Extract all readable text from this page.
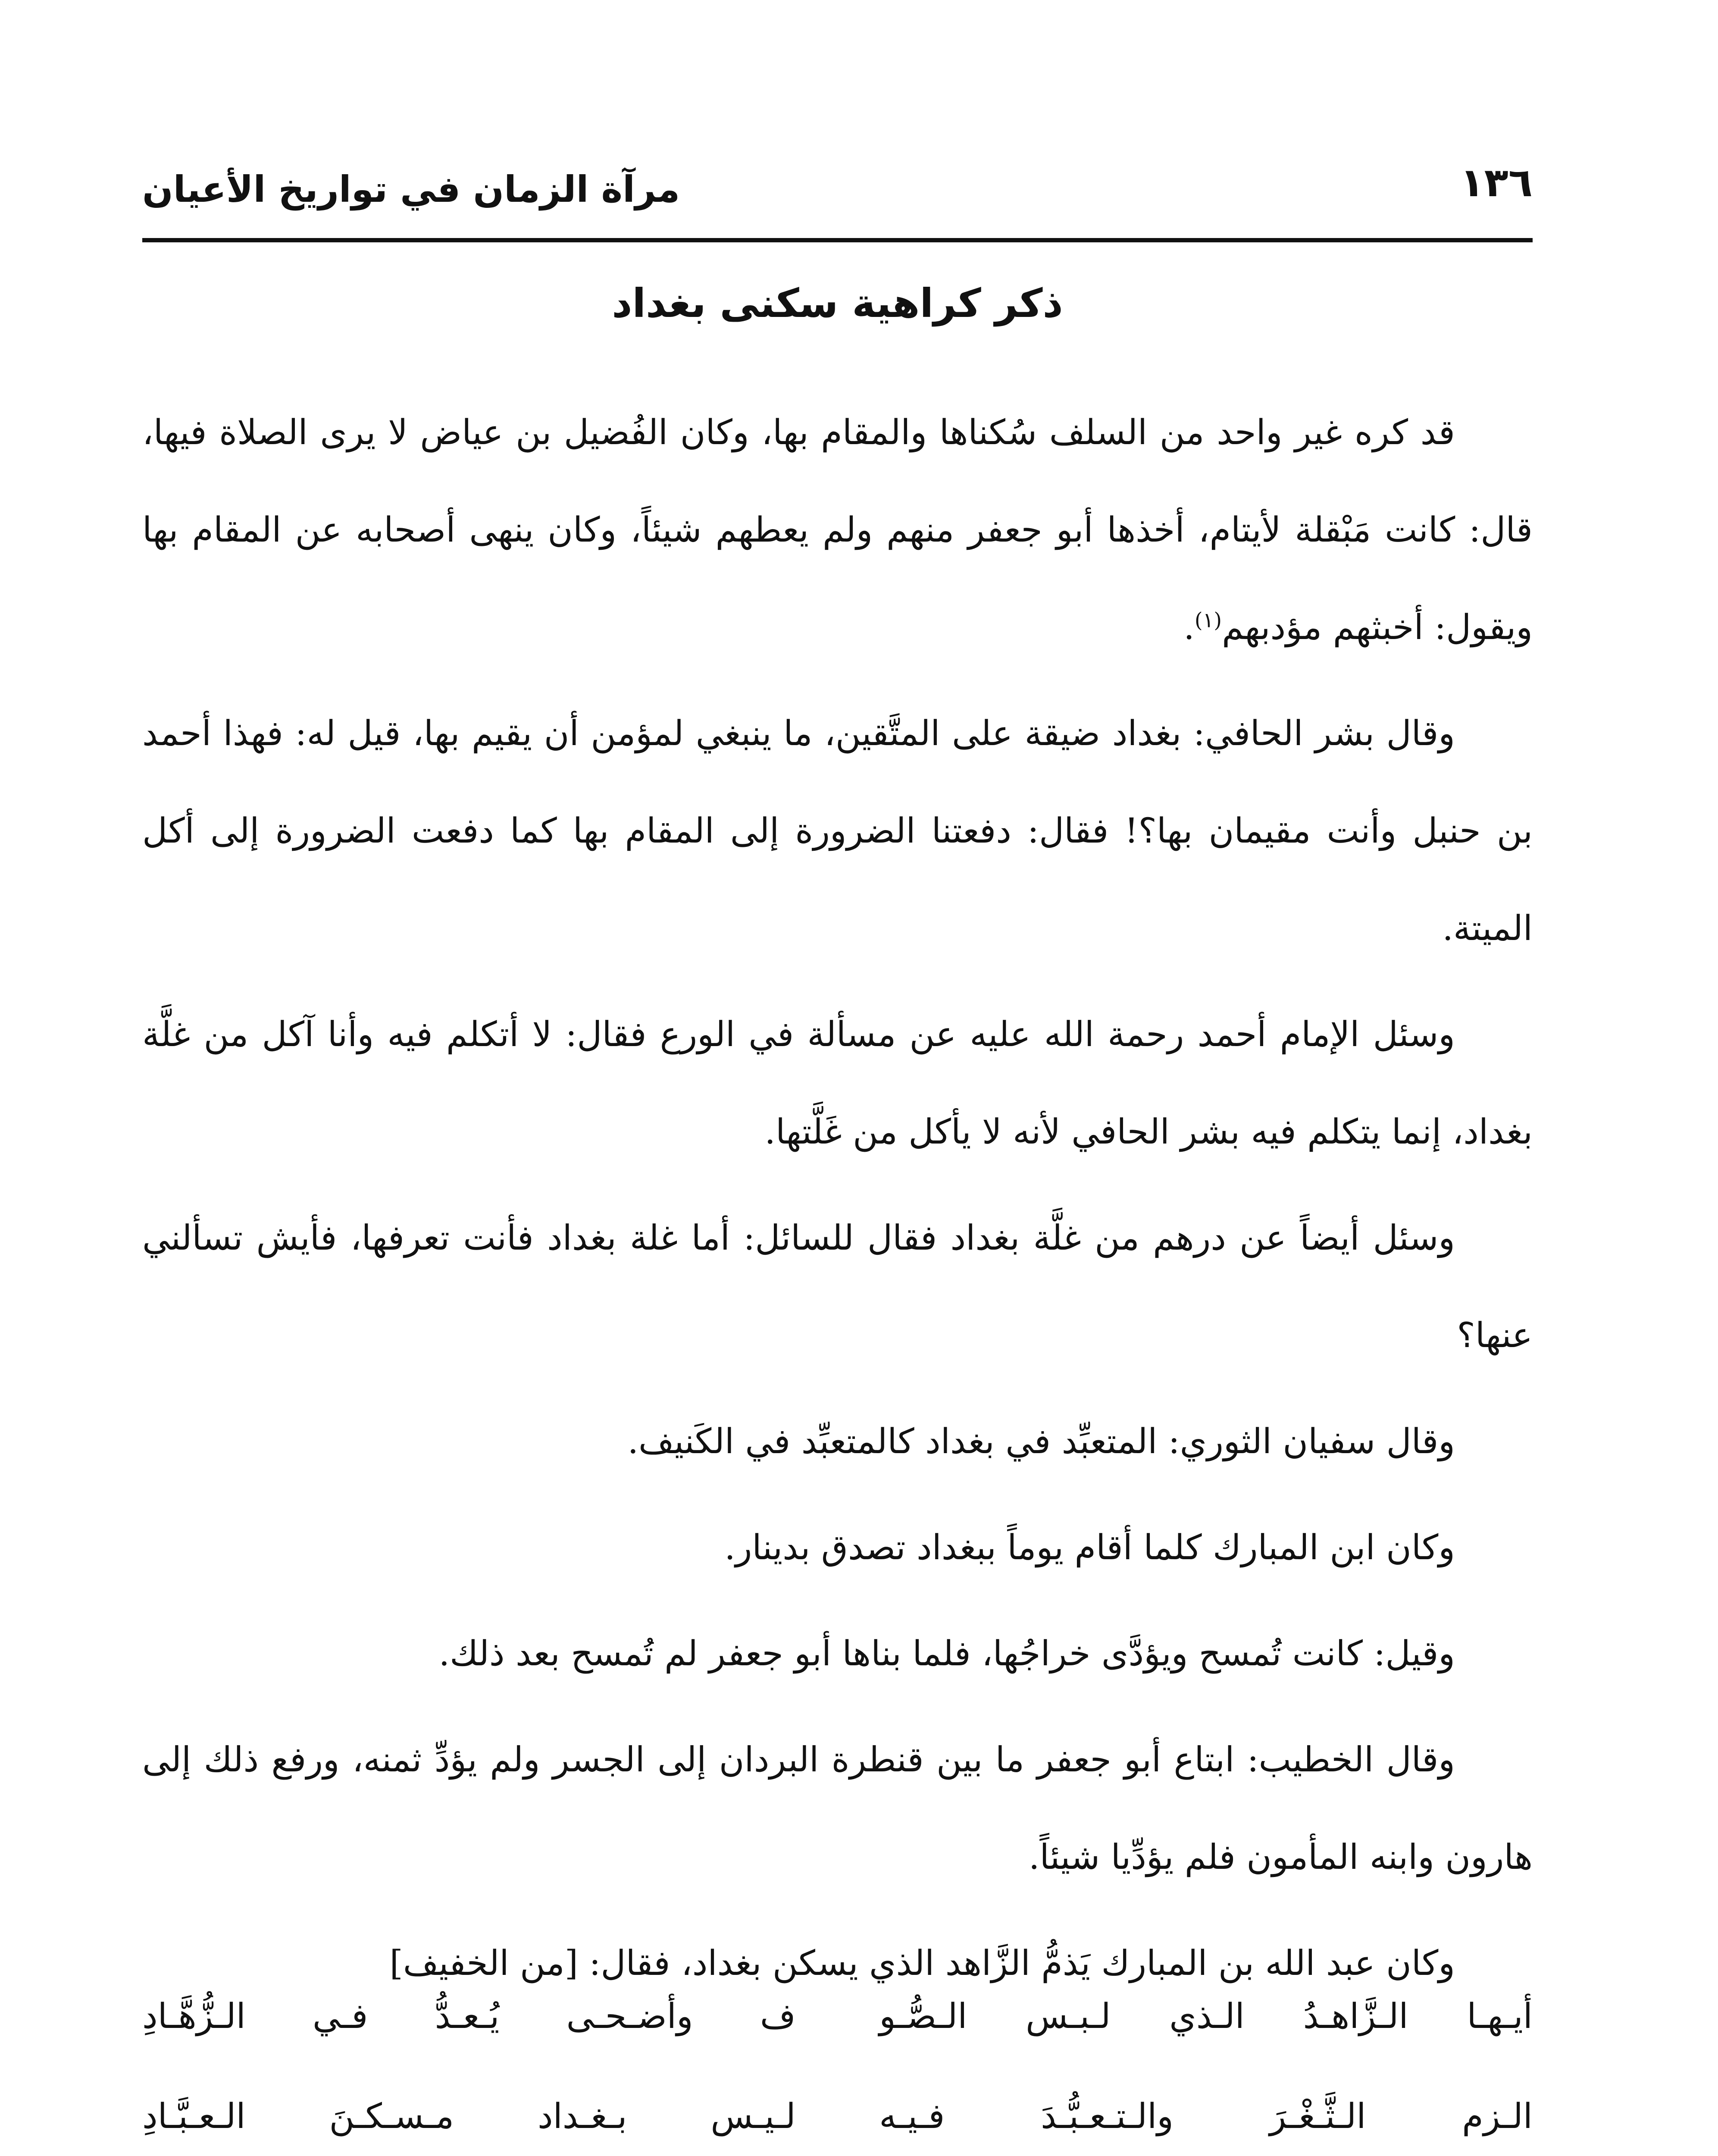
١٣٦
مرآة الزمان في تواريخ الأعيان
ذكر كراهية سكنى بغداد

قد كره غير واحد من السلف سُكناها والمقام بها، وكان الفُضيل بن عياض لا يرى الصلاة فيها، قال: كانت مَبْقلة لأيتام، أخذها أبو جعفر منهم ولم يعطهم شيئاً، وكان ينهى أصحابه عن المقام بها ويقول: أخبثهم مؤدبهم$^{(١)}$.

وقال بشر الحافي: بغداد ضيقة على المتَّقين، ما ينبغي لمؤمن أن يقيم بها، قيل له: فهذا أحمد بن حنبل وأنت مقيمان بها؟! فقال: دفعتنا الضرورة إلى المقام بها كما دفعت الضرورة إلى أكل الميتة.

وسئل الإمام أحمد رحمة الله عليه عن مسألة في الورع فقال: لا أتكلم فيه وأنا آكل من غلَّة بغداد، إنما يتكلم فيه بشر الحافي لأنه لا يأكل من غَلَّتها.

وسئل أيضاً عن درهم من غلَّة بغداد فقال للسائل: أما غلة بغداد فأنت تعرفها، فأيش تسألني عنها؟

وقال سفيان الثوري: المتعبِّد في بغداد كالمتعبِّد في الكَنيف.

وكان ابن المبارك كلما أقام يوماً ببغداد تصدق بدينار.

وقيل: كانت تُمسح ويؤدَّى خراجُها، فلما بناها أبو جعفر لم تُمسح بعد ذلك.

وقال الخطيب: ابتاع أبو جعفر ما بين قنطرة البردان إلى الجسر ولم يؤدِّ ثمنه، ورفع ذلك إلى هارون وابنه المأمون فلم يؤدِّيا شيئاً.

وكان عبد الله بن المبارك يَذمُّ الزَّاهد الذي يسكن بغداد، فقال: [من الخفيف]

أيـهـا الـزَّاهـدُ الـذي لـبـس الـصُّـو
ف وأضـحـى يُـعـدُّ فـي الـزُّهَّـادِ
الـزم الـثَّـغْـرَ والـتـعـبُّـدَ فـيـه
لـيـس بـغـداد مـسـكـنَ الـعـبَّـادِ
